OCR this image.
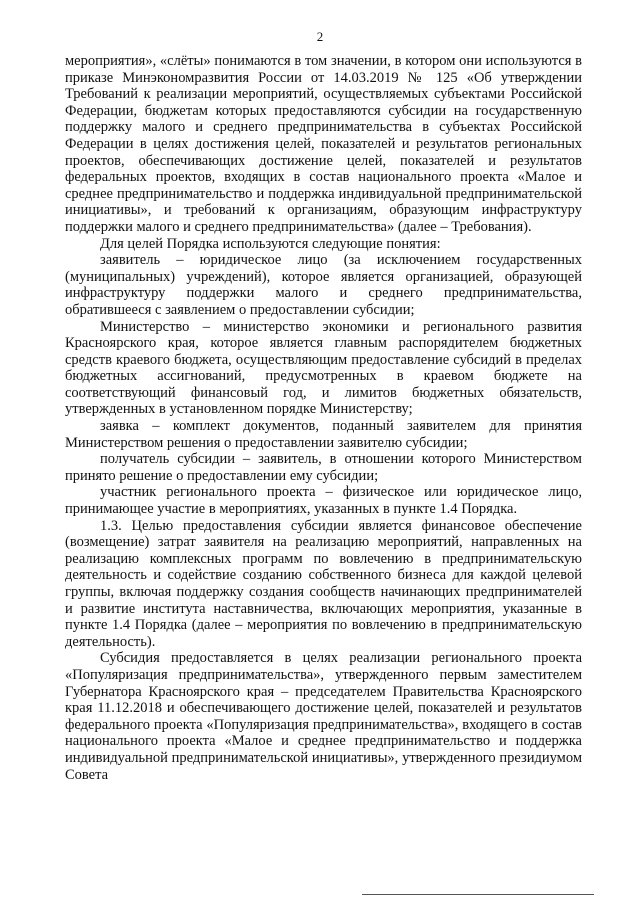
2

мероприятия», «слёты» понимаются в том значении, в котором они используются в приказе Минэкономразвития России от 14.03.2019 № 125 «Об утверждении Требований к реализации мероприятий, осуществляемых субъектами Российской Федерации, бюджетам которых предоставляются субсидии на государственную поддержку малого и среднего предпринимательства в субъектах Российской Федерации в целях достижения целей, показателей и результатов региональных проектов, обеспечивающих достижение целей, показателей и результатов федеральных проектов, входящих в состав национального проекта «Малое и среднее предпринимательство и поддержка индивидуальной предпринимательской инициативы», и требований к организациям, образующим инфраструктуру поддержки малого и среднего предпринимательства» (далее – Требования).

Для целей Порядка используются следующие понятия:

заявитель – юридическое лицо (за исключением государственных (муниципальных) учреждений), которое является организацией, образующей инфраструктуру поддержки малого и среднего предпринимательства, обратившееся с заявлением о предоставлении субсидии;

Министерство – министерство экономики и регионального развития Красноярского края, которое является главным распорядителем бюджетных средств краевого бюджета, осуществляющим предоставление субсидий в пределах бюджетных ассигнований, предусмотренных в краевом бюджете на соответствующий финансовый год, и лимитов бюджетных обязательств, утвержденных в установленном порядке Министерству;

заявка – комплект документов, поданный заявителем для принятия Министерством решения о предоставлении заявителю субсидии;

получатель субсидии – заявитель, в отношении которого Министерством принято решение о предоставлении ему субсидии;

участник регионального проекта – физическое или юридическое лицо, принимающее участие в мероприятиях, указанных в пункте 1.4 Порядка.

1.3. Целью предоставления субсидии является финансовое обеспечение (возмещение) затрат заявителя на реализацию мероприятий, направленных на реализацию комплексных программ по вовлечению в предпринимательскую деятельность и содействие созданию собственного бизнеса для каждой целевой группы, включая поддержку создания сообществ начинающих предпринимателей и развитие института наставничества, включающих мероприятия, указанные в пункте 1.4 Порядка (далее – мероприятия по вовлечению в предпринимательскую деятельность).

Субсидия предоставляется в целях реализации регионального проекта «Популяризация предпринимательства», утвержденного первым заместителем Губернатора Красноярского края – председателем Правительства Красноярского края 11.12.2018 и обеспечивающего достижение целей, показателей и результатов федерального проекта «Популяризация предпринимательства», входящего в состав национального проекта «Малое и среднее предпринимательство и поддержка индивидуальной предпринимательской инициативы», утвержденного президиумом Совета
